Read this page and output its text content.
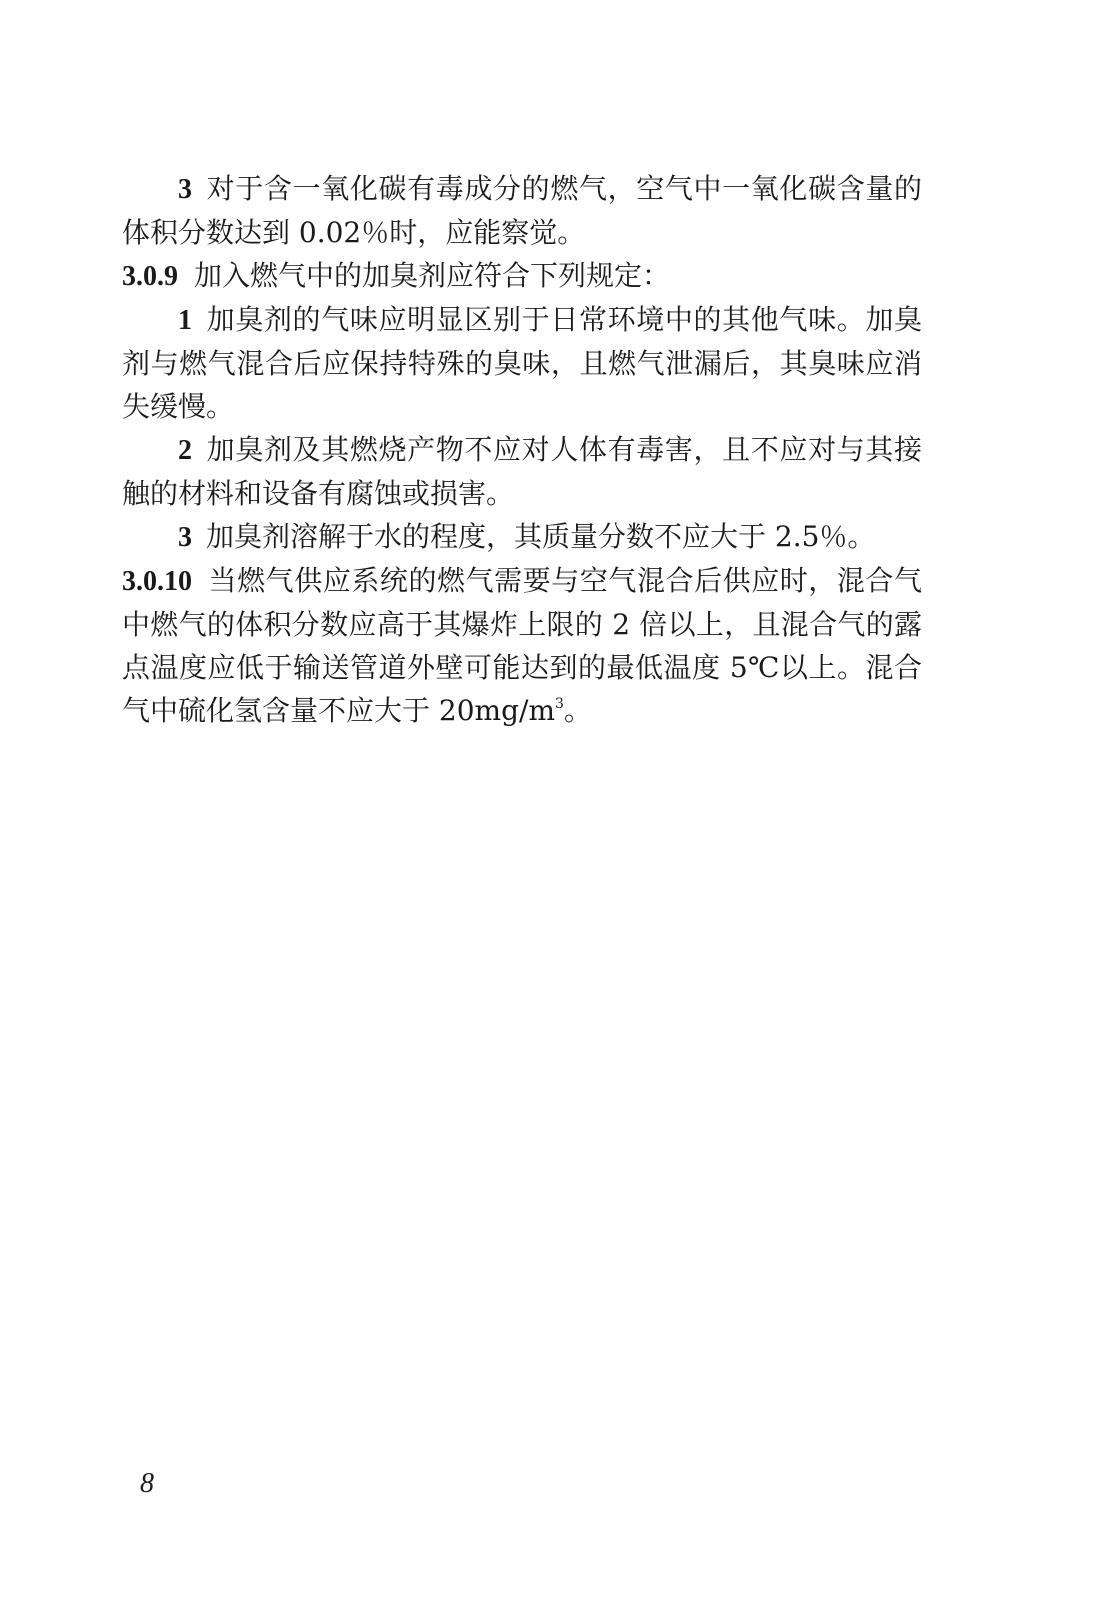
3 对于含一氧化碳有毒成分的燃气，空气中一氧化碳含量的体积分数达到 0.02％时，应能察觉。

3.0.9 加入燃气中的加臭剂应符合下列规定：

1 加臭剂的气味应明显区别于日常环境中的其他气味。加臭剂与燃气混合后应保持特殊的臭味，且燃气泄漏后，其臭味应消失缓慢。

2 加臭剂及其燃烧产物不应对人体有毒害，且不应对与其接触的材料和设备有腐蚀或损害。

3 加臭剂溶解于水的程度，其质量分数不应大于 2.5％。

3.0.10 当燃气供应系统的燃气需要与空气混合后供应时，混合气中燃气的体积分数应高于其爆炸上限的 2 倍以上，且混合气的露点温度应低于输送管道外壁可能达到的最低温度 5℃以上。混合气中硫化氢含量不应大于 $20mg/m^3$。

8
